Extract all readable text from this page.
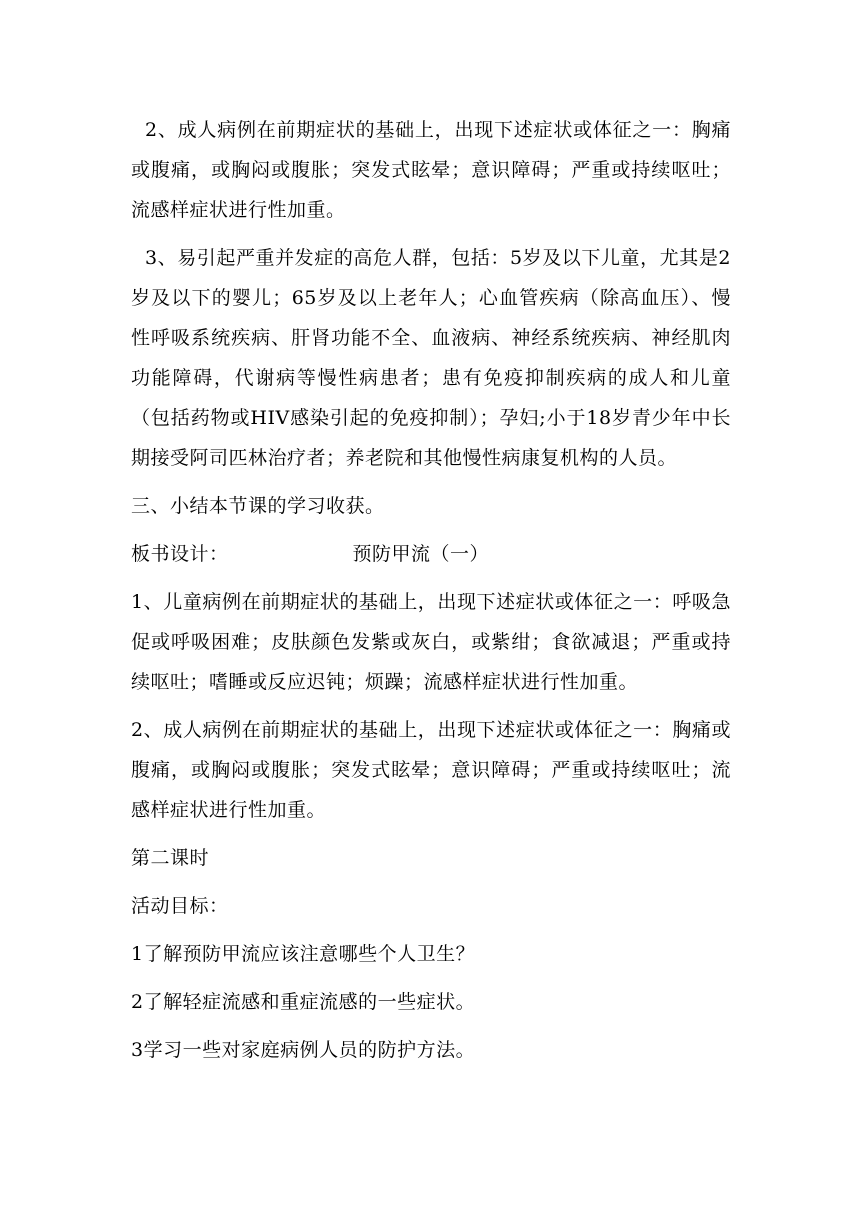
2、成人病例在前期症状的基础上，出现下述症状或体征之一：胸痛或腹痛，或胸闷或腹胀；突发式眩晕；意识障碍；严重或持续呕吐；流感样症状进行性加重。

3、易引起严重并发症的高危人群，包括：5岁及以下儿童，尤其是2岁及以下的婴儿；65岁及以上老年人；心血管疾病（除高血压）、慢性呼吸系统疾病、肝肾功能不全、血液病、神经系统疾病、神经肌肉功能障碍，代谢病等慢性病患者；患有免疫抑制疾病的成人和儿童（包括药物或HIV感染引起的免疫抑制）；孕妇;小于18岁青少年中长期接受阿司匹林治疗者；养老院和其他慢性病康复机构的人员。

三、小结本节课的学习收获。

板书设计：	预防甲流（一）

1、儿童病例在前期症状的基础上，出现下述症状或体征之一：呼吸急促或呼吸困难；皮肤颜色发紫或灰白，或紫绀；食欲减退；严重或持续呕吐；嗜睡或反应迟钝；烦躁；流感样症状进行性加重。

2、成人病例在前期症状的基础上，出现下述症状或体征之一：胸痛或腹痛，或胸闷或腹胀；突发式眩晕；意识障碍；严重或持续呕吐；流感样症状进行性加重。

第二课时

活动目标：

1了解预防甲流应该注意哪些个人卫生？

2了解轻症流感和重症流感的一些症状。

3学习一些对家庭病例人员的防护方法。
